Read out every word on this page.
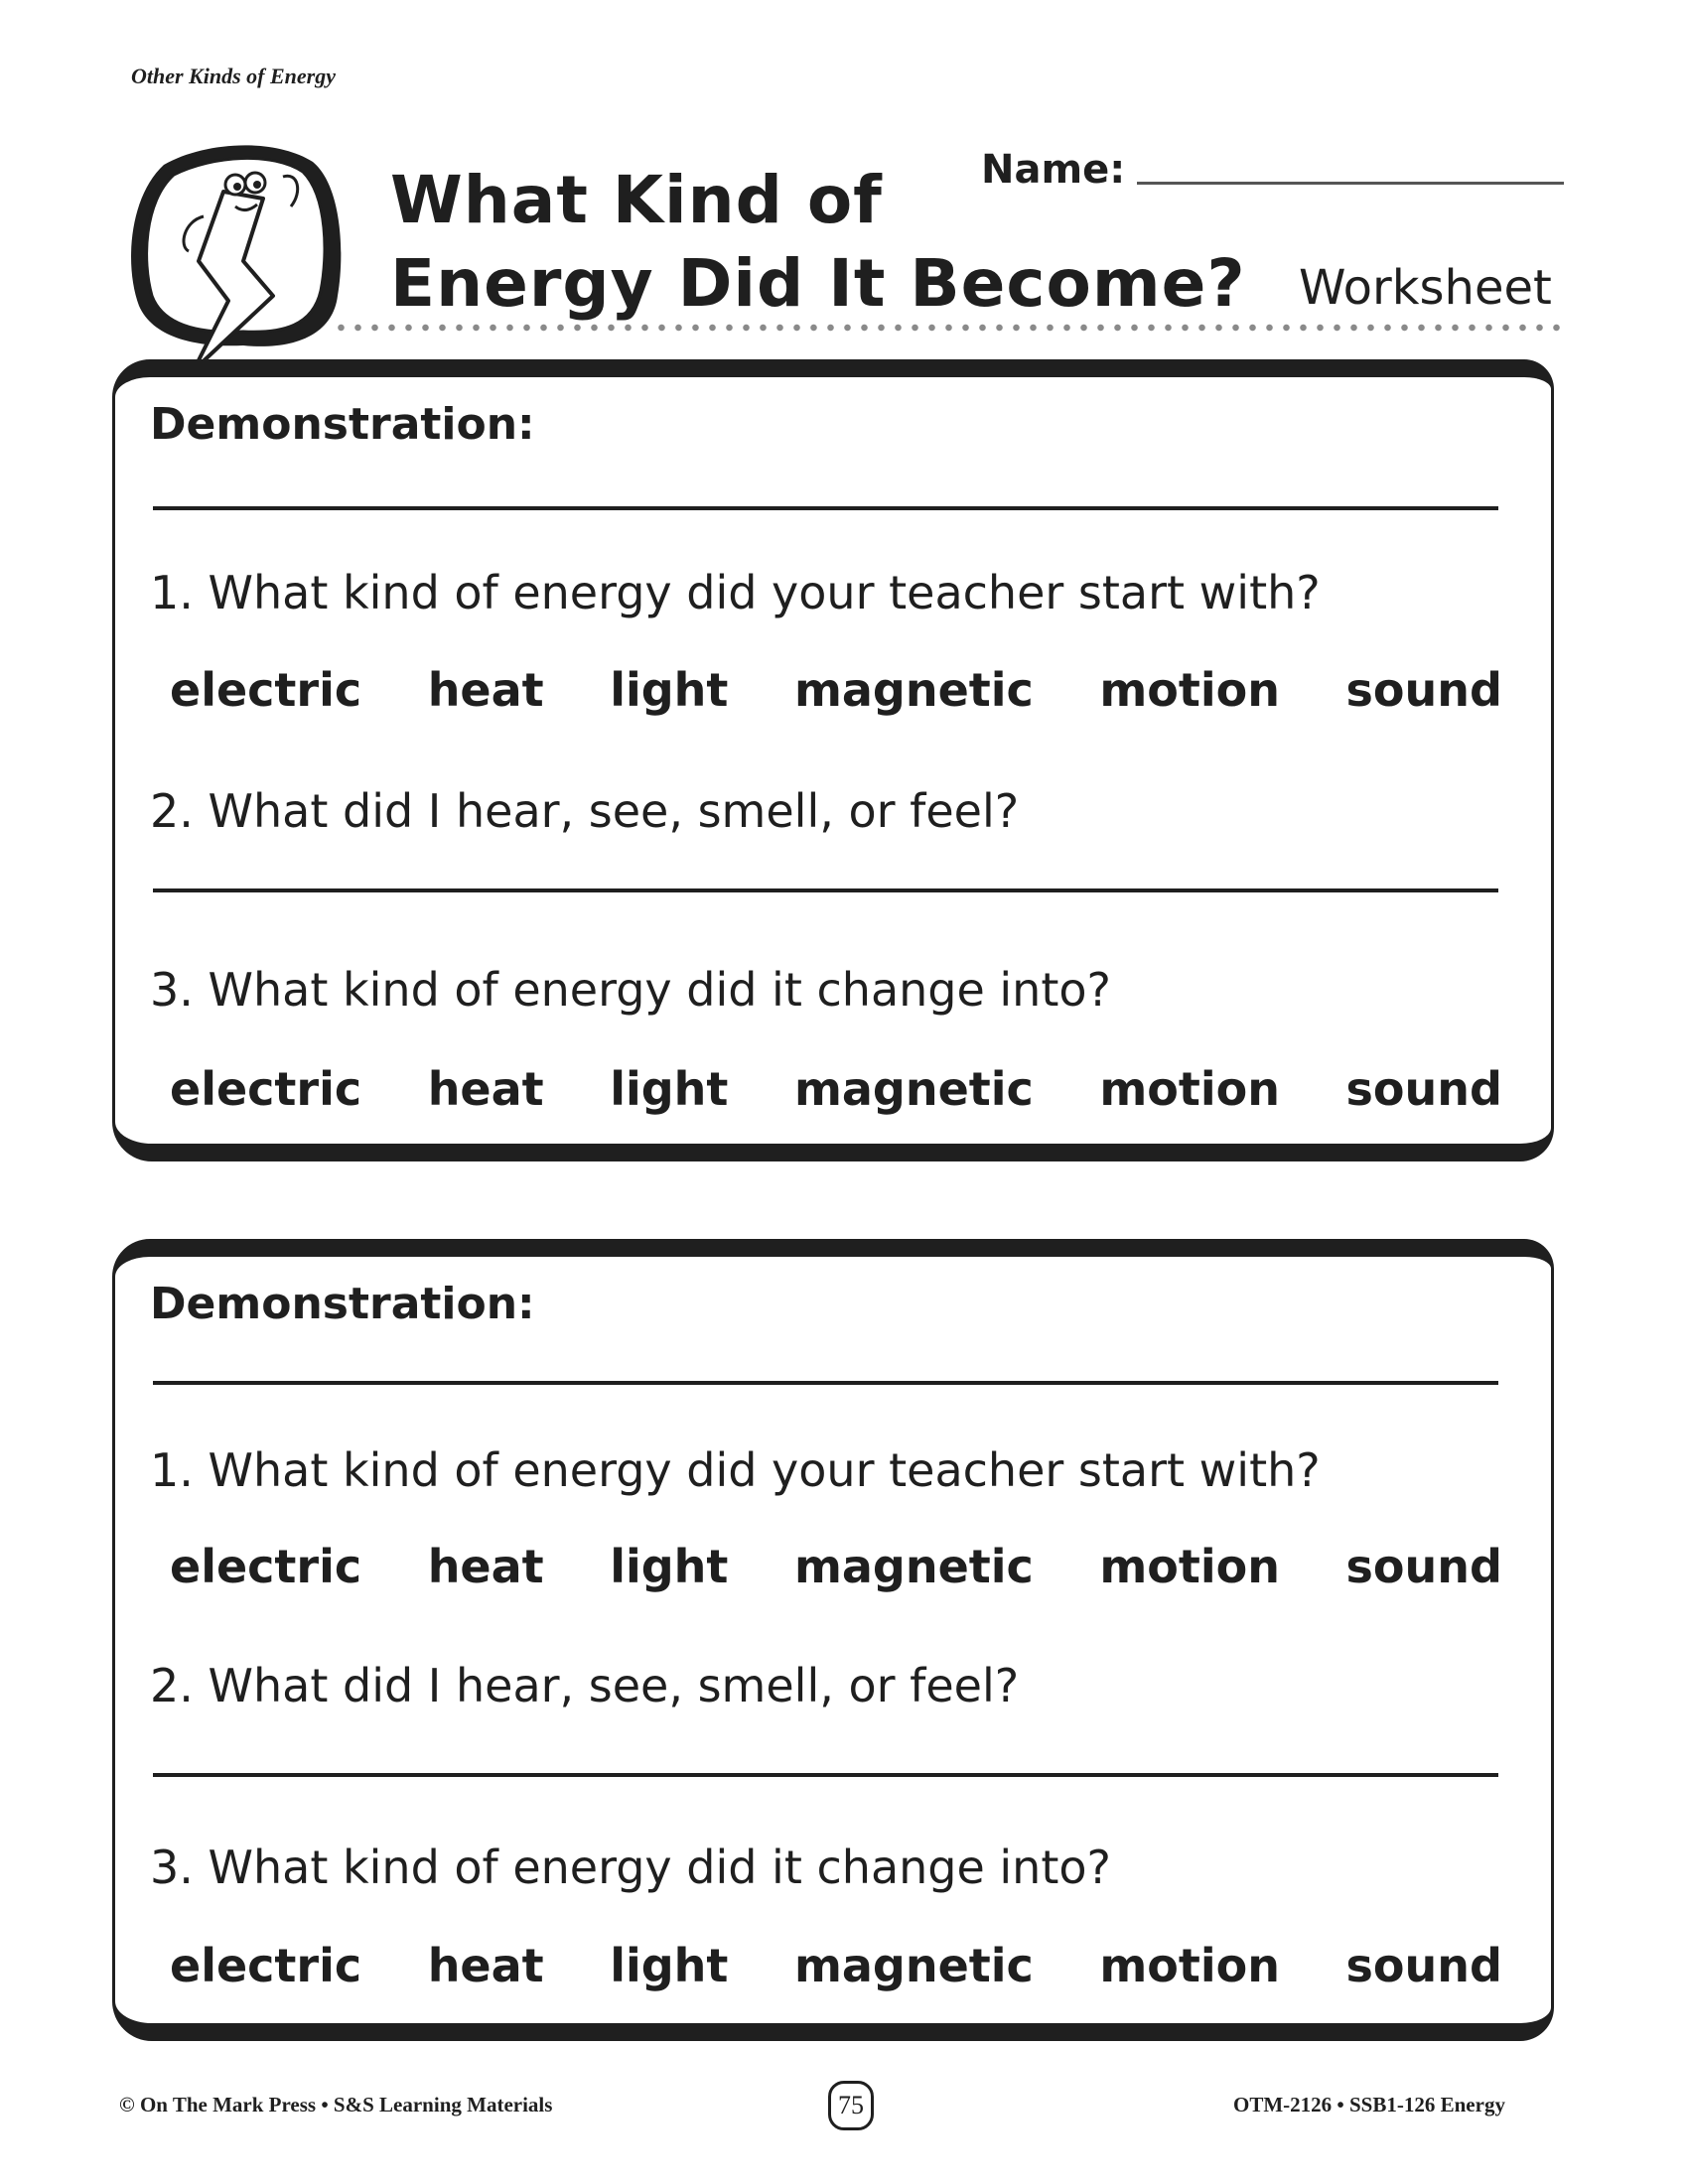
Other Kinds of Energy
What Kind of
Energy Did It Become?
Name:
Worksheet
Demonstration:
1. What kind of energy did your teacher start with?
electric heat light magnetic motion sound
2. What did I hear, see, smell, or feel?
3. What kind of energy did it change into?
electric heat light magnetic motion sound
Demonstration:
1. What kind of energy did your teacher start with?
electric heat light magnetic motion sound
2. What did I hear, see, smell, or feel?
3. What kind of energy did it change into?
electric heat light magnetic motion sound
© On The Mark Press • S&S Learning Materials	75	OTM-2126 • SSB1-126 Energy
